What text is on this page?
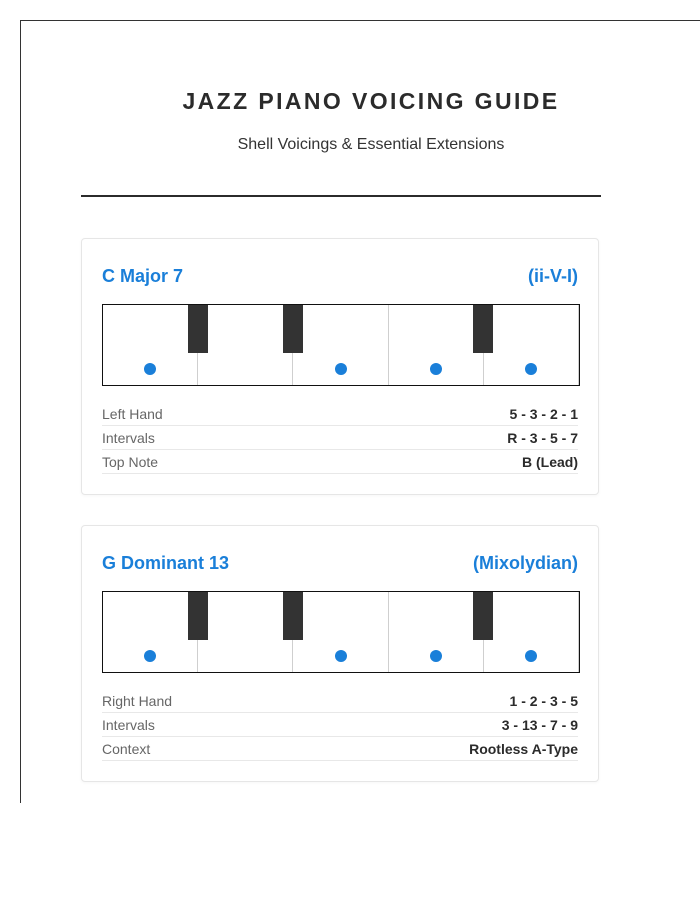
JAZZ PIANO VOICING GUIDE
Shell Voicings & Essential Extensions
C Major 7	(ii-V-I)
Left Hand	5 - 3 - 2 - 1
Intervals	R - 3 - 5 - 7
Top Note	B (Lead)
G Dominant 13	(Mixolydian)
Right Hand	1 - 2 - 3 - 5
Intervals	3 - 13 - 7 - 9
Context	Rootless A-Type
